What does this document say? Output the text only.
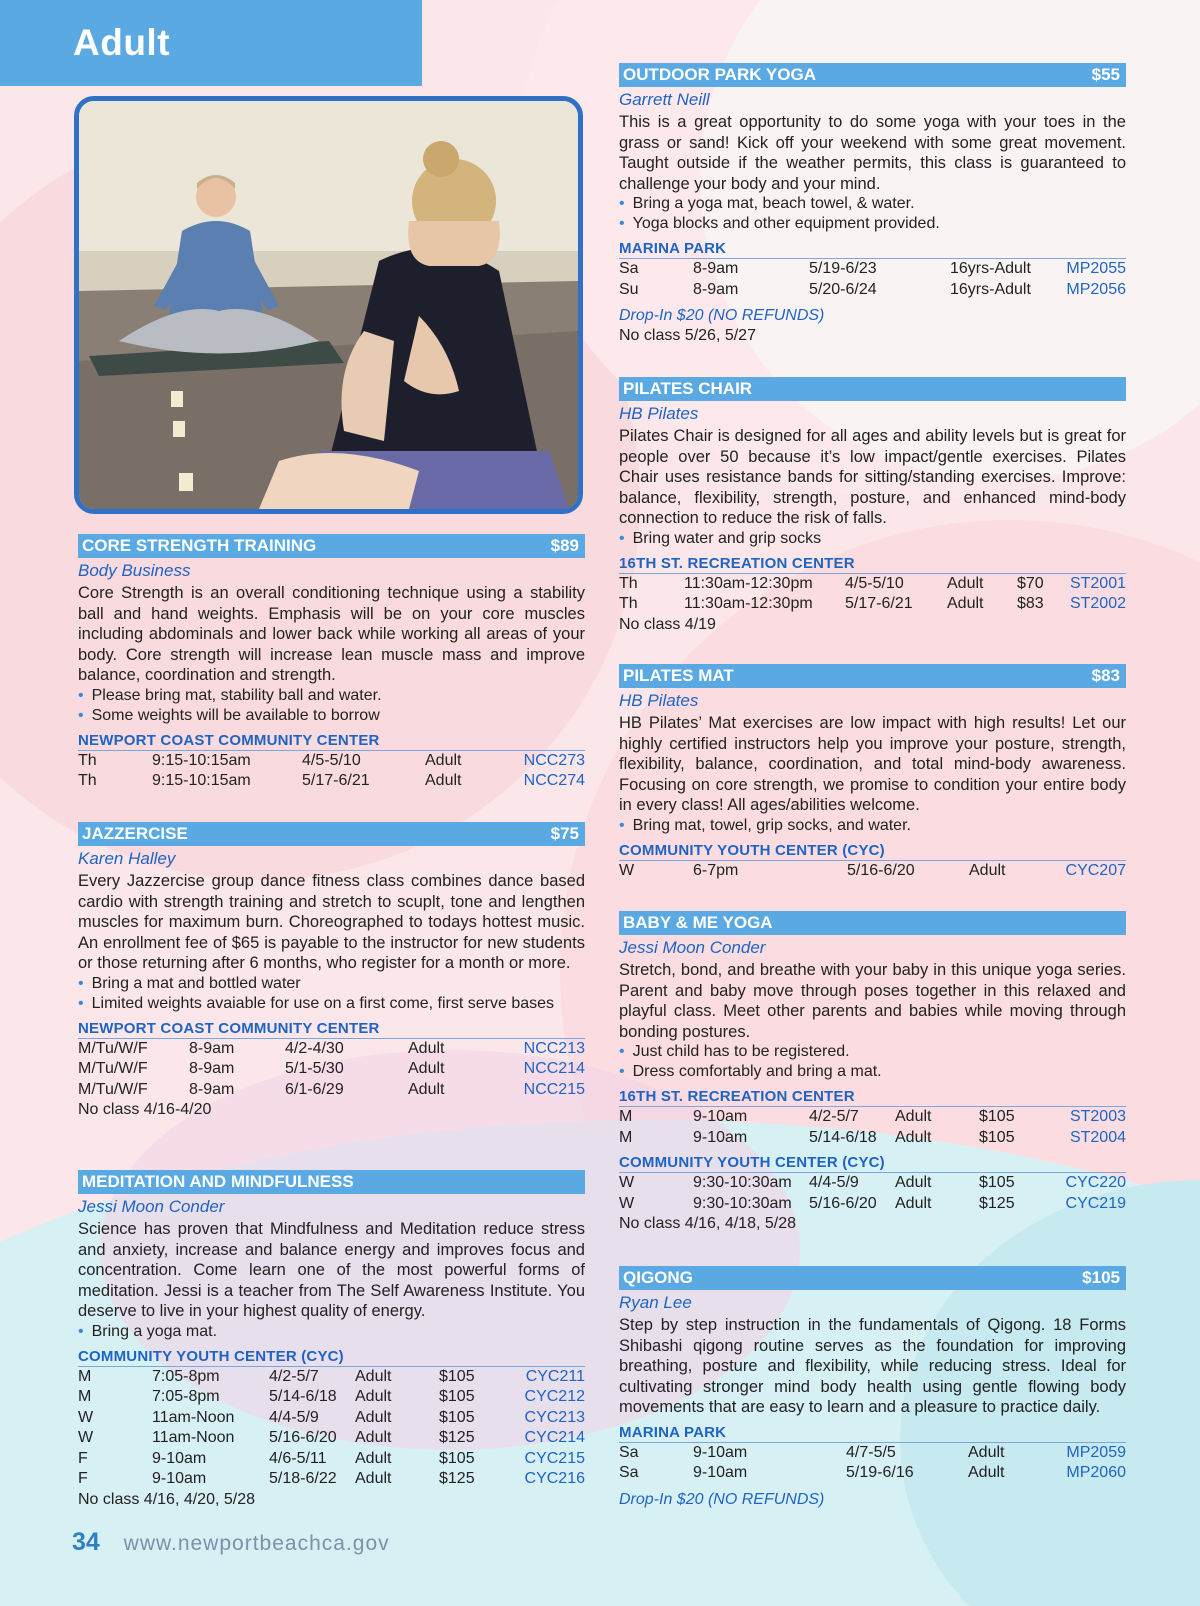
Adult
CORE STRENGTH TRAINING	$89
Body Business
Core Strength is an overall conditioning technique using a stability ball and hand weights. Emphasis will be on your core muscles including abdominals and lower back while working all areas of your body. Core strength will increase lean muscle mass and improve balance, coordination and strength.
• Please bring mat, stability ball and water.
• Some weights will be available to borrow
NEWPORT COAST COMMUNITY CENTER
Th	9:15-10:15am	4/5-5/10	Adult	NCC273
Th	9:15-10:15am	5/17-6/21	Adult	NCC274
JAZZERCISE	$75
Karen Halley
Every Jazzercise group dance fitness class combines dance based cardio with strength training and stretch to scuplt, tone and lengthen muscles for maximum burn. Choreographed to todays hottest music. An enrollment fee of $65 is payable to the instructor for new students or those returning after 6 months, who register for a month or more.
• Bring a mat and bottled water
• Limited weights avaiable for use on a first come, first serve bases
NEWPORT COAST COMMUNITY CENTER
M/Tu/W/F	8-9am	4/2-4/30	Adult	NCC213
M/Tu/W/F	8-9am	5/1-5/30	Adult	NCC214
M/Tu/W/F	8-9am	6/1-6/29	Adult	NCC215
No class 4/16-4/20
MEDITATION AND MINDFULNESS
Jessi Moon Conder
Science has proven that Mindfulness and Meditation reduce stress and anxiety, increase and balance energy and improves focus and concentration. Come learn one of the most powerful forms of meditation. Jessi is a teacher from The Self Awareness Institute. You deserve to live in your highest quality of energy.
• Bring a yoga mat.
COMMUNITY YOUTH CENTER (CYC)
M	7:05-8pm	4/2-5/7	Adult	$105	CYC211
M	7:05-8pm	5/14-6/18	Adult	$105	CYC212
W	11am-Noon	4/4-5/9	Adult	$105	CYC213
W	11am-Noon	5/16-6/20	Adult	$125	CYC214
F	9-10am	4/6-5/11	Adult	$105	CYC215
F	9-10am	5/18-6/22	Adult	$125	CYC216
No class 4/16, 4/20, 5/28
OUTDOOR PARK YOGA	$55
Garrett Neill
This is a great opportunity to do some yoga with your toes in the grass or sand! Kick off your weekend with some great movement. Taught outside if the weather permits, this class is guaranteed to challenge your body and your mind.
• Bring a yoga mat, beach towel, & water.
• Yoga blocks and other equipment provided.
MARINA PARK
Sa	8-9am	5/19-6/23	16yrs-Adult	MP2055
Su	8-9am	5/20-6/24	16yrs-Adult	MP2056
Drop-In $20 (NO REFUNDS)
No class 5/26, 5/27
PILATES CHAIR
HB Pilates
Pilates Chair is designed for all ages and ability levels but is great for people over 50 because it’s low impact/gentle exercises. Pilates Chair uses resistance bands for sitting/standing exercises. Improve: balance, flexibility, strength, posture, and enhanced mind-body connection to reduce the risk of falls.
• Bring water and grip socks
16TH ST. RECREATION CENTER
Th	11:30am-12:30pm	4/5-5/10	Adult	$70	ST2001
Th	11:30am-12:30pm	5/17-6/21	Adult	$83	ST2002
No class 4/19
PILATES MAT	$83
HB Pilates
HB Pilates’ Mat exercises are low impact with high results! Let our highly certified instructors help you improve your posture, strength, flexibility, balance, coordination, and total mind-body awareness. Focusing on core strength, we promise to condition your entire body in every class! All ages/abilities welcome.
• Bring mat, towel, grip socks, and water.
COMMUNITY YOUTH CENTER (CYC)
W	6-7pm	5/16-6/20	Adult	CYC207
BABY & ME YOGA
Jessi Moon Conder
Stretch, bond, and breathe with your baby in this unique yoga series. Parent and baby move through poses together in this relaxed and playful class. Meet other parents and babies while moving through bonding postures.
• Just child has to be registered.
• Dress comfortably and bring a mat.
16TH ST. RECREATION CENTER
M	9-10am	4/2-5/7	Adult	$105	ST2003
M	9-10am	5/14-6/18	Adult	$105	ST2004
COMMUNITY YOUTH CENTER (CYC)
W	9:30-10:30am	4/4-5/9	Adult	$105	CYC220
W	9:30-10:30am	5/16-6/20	Adult	$125	CYC219
No class 4/16, 4/18, 5/28
QIGONG	$105
Ryan Lee
Step by step instruction in the fundamentals of Qigong. 18 Forms Shibashi qigong routine serves as the foundation for improving breathing, posture and flexibility, while reducing stress. Ideal for cultivating stronger mind body health using gentle flowing body movements that are easy to learn and a pleasure to practice daily.
MARINA PARK
Sa	9-10am	4/7-5/5	Adult	MP2059
Sa	9-10am	5/19-6/16	Adult	MP2060
Drop-In $20 (NO REFUNDS)
34 www.newportbeachca.gov
